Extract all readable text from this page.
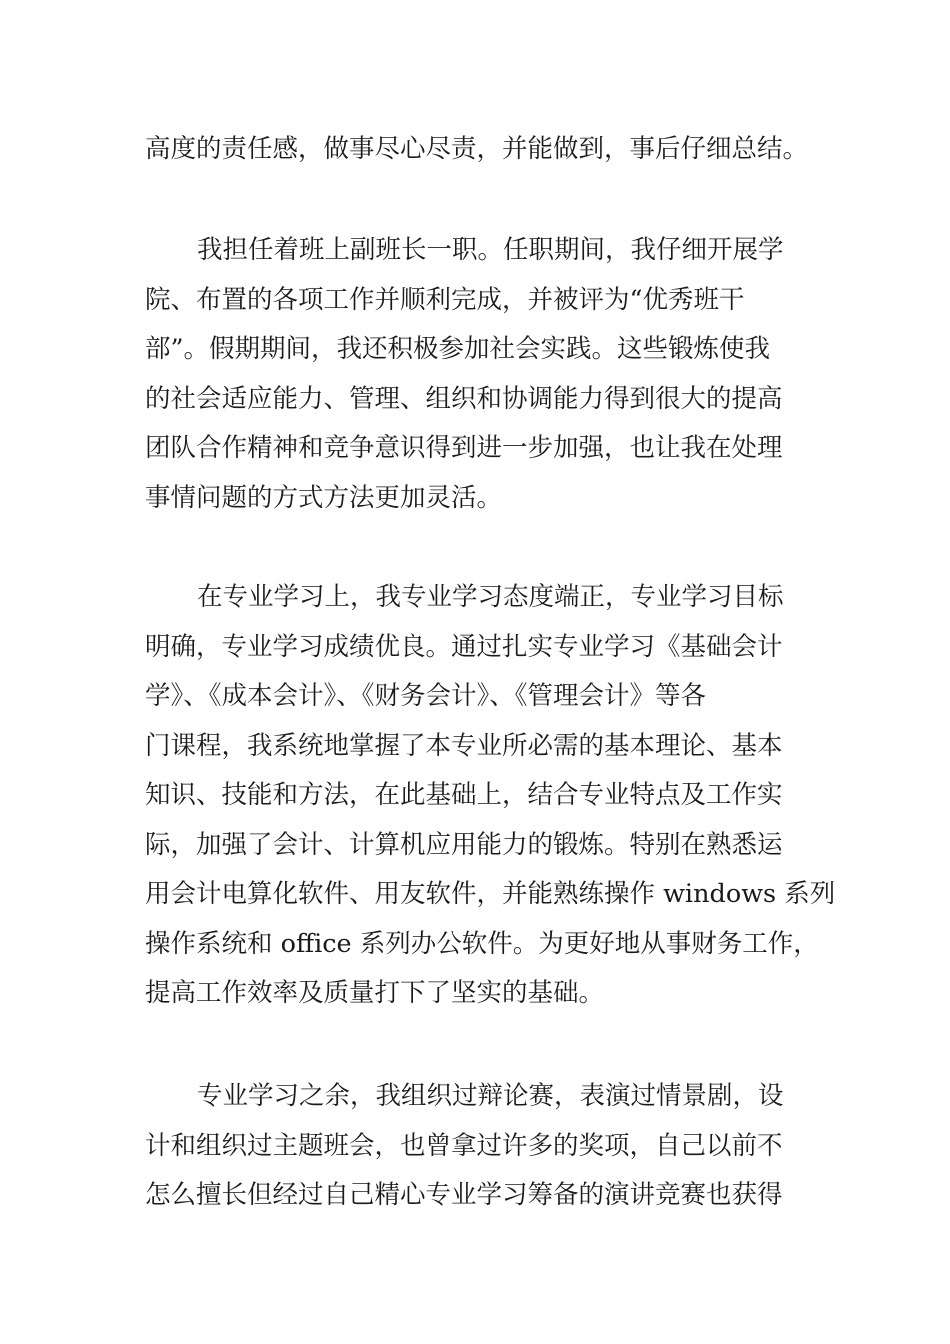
高度的责任感，做事尽心尽责，并能做到，事后仔细总结。
我担任着班上副班长一职。任职期间，我仔细开展学
院、布置的各项工作并顺利完成，并被评为“优秀班干
部”。假期期间，我还积极参加社会实践。这些锻炼使我
的社会适应能力、管理、组织和协调能力得到很大的提高
团队合作精神和竞争意识得到进一步加强，也让我在处理
事情问题的方式方法更加灵活。
在专业学习上，我专业学习态度端正，专业学习目标
明确，专业学习成绩优良。通过扎实专业学习《基础会计
学》、《成本会计》、《财务会计》、《管理会计》等各
门课程，我系统地掌握了本专业所必需的基本理论、基本
知识、技能和方法，在此基础上，结合专业特点及工作实
际，加强了会计、计算机应用能力的锻炼。特别在熟悉运
用会计电算化软件、用友软件，并能熟练操作 windows 系列
操作系统和 office 系列办公软件。为更好地从事财务工作，
提高工作效率及质量打下了坚实的基础。
专业学习之余，我组织过辩论赛，表演过情景剧，设
计和组织过主题班会，也曾拿过许多的奖项，自己以前不
怎么擅长但经过自己精心专业学习筹备的演讲竞赛也获得
